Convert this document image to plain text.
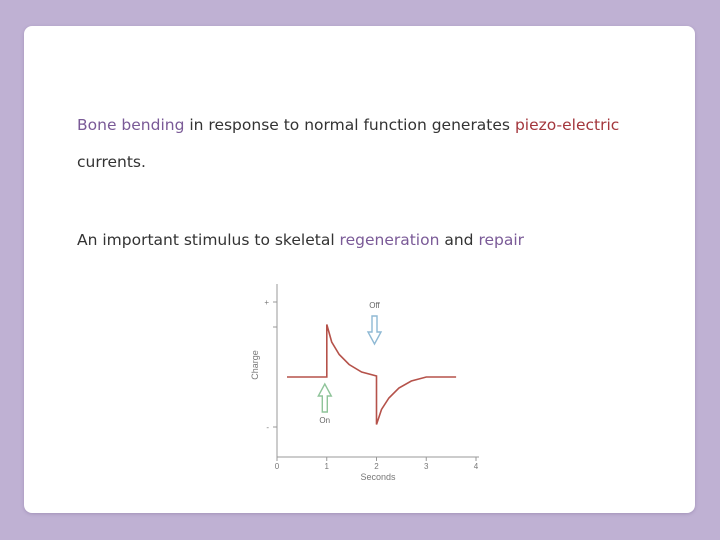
Bone bending in response to normal function generates piezo-electric

currents.

An important stimulus to skeletal regeneration and repair

+
-
0	1	2	3	4
On
Off
Seconds
Charge
